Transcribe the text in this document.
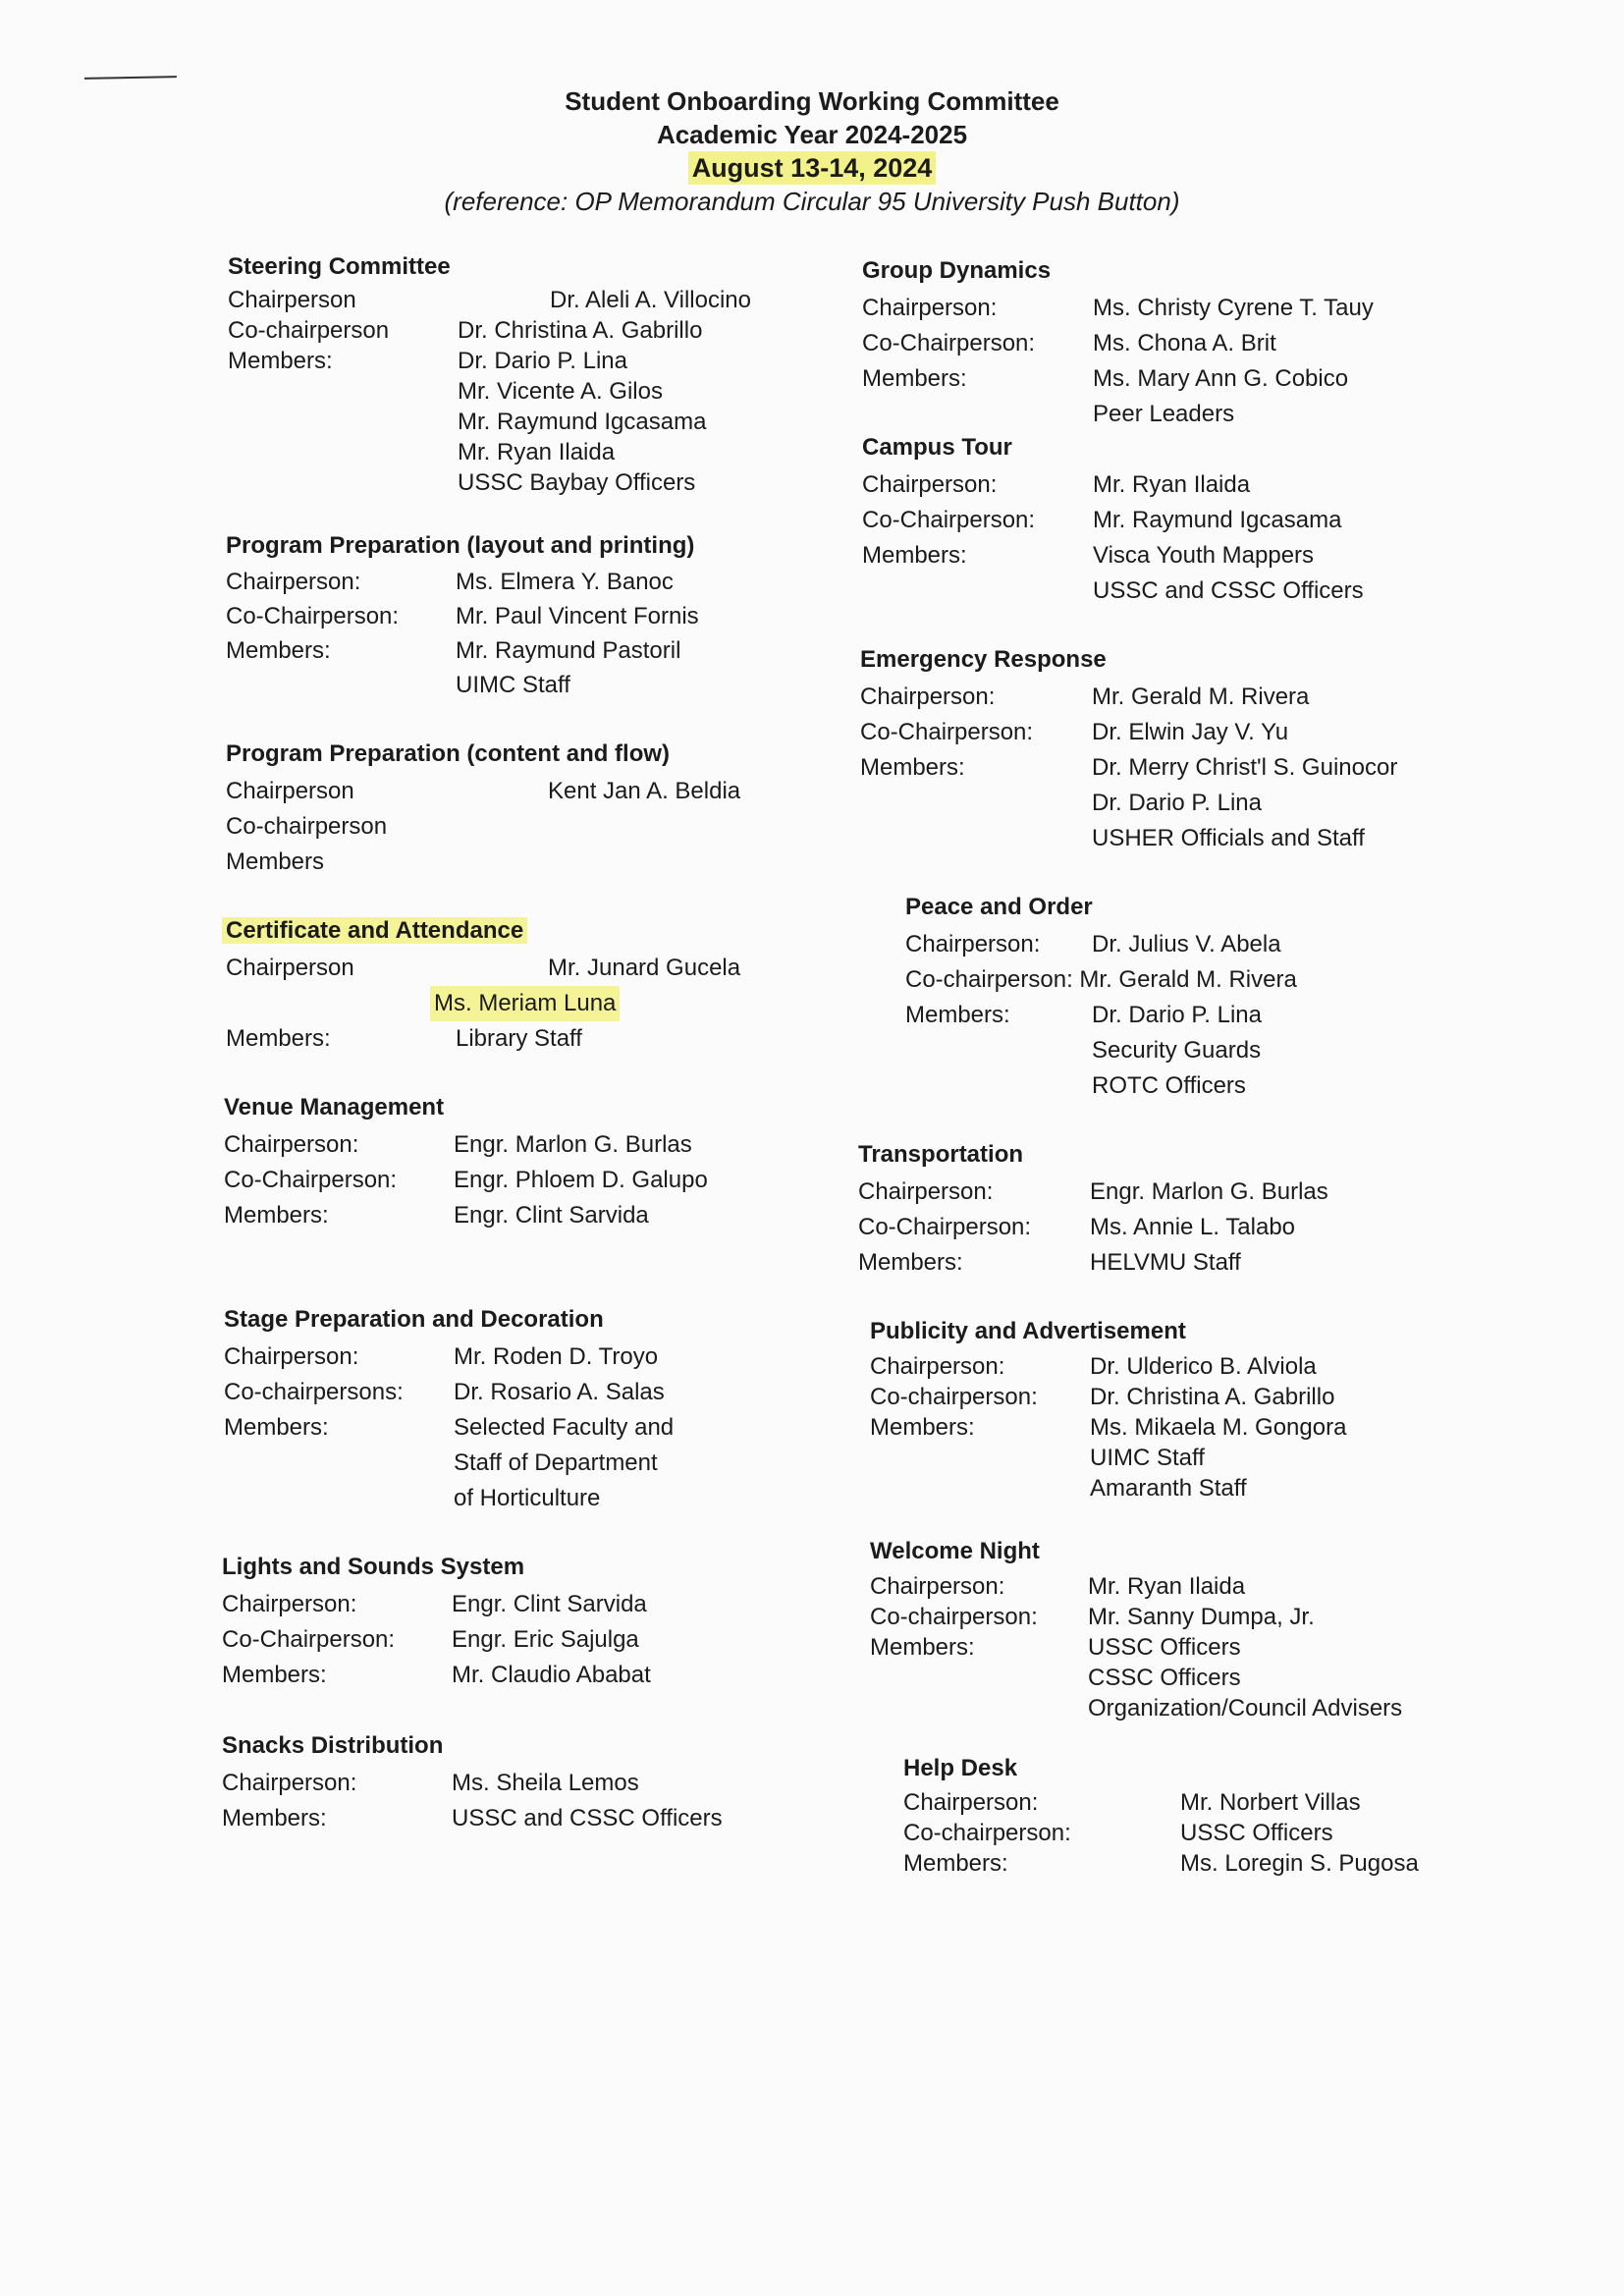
Student Onboarding Working Committee
Academic Year 2024-2025
August 13-14, 2024
(reference: OP Memorandum Circular 95 University Push Button)
Steering Committee
Chairperson	Dr. Aleli A. Villocino
Co-chairperson	Dr. Christina A. Gabrillo
Members:	Dr. Dario P. Lina
Mr. Vicente A. Gilos
Mr. Raymund Igcasama
Mr. Ryan Ilaida
USSC Baybay Officers
Program Preparation (layout and printing)
Chairperson:	Ms. Elmera Y. Banoc
Co-Chairperson:	Mr. Paul Vincent Fornis
Members:	Mr. Raymund Pastoril
UIMC Staff
Program Preparation (content and flow)
Chairperson	Kent Jan A. Beldia
Co-chairperson
Members
Certificate and Attendance
Chairperson	Mr. Junard Gucela
Ms. Meriam Luna
Members:	Library Staff
Venue Management
Chairperson:	Engr. Marlon G. Burlas
Co-Chairperson:	Engr. Phloem D. Galupo
Members:	Engr. Clint Sarvida
Stage Preparation and Decoration
Chairperson:	Mr. Roden D. Troyo
Co-chairpersons:	Dr. Rosario A. Salas
Members:	Selected Faculty and
Staff of Department
of Horticulture
Lights and Sounds System
Chairperson:	Engr. Clint Sarvida
Co-Chairperson:	Engr. Eric Sajulga
Members:	Mr. Claudio Ababat
Snacks Distribution
Chairperson:	Ms. Sheila Lemos
Members:	USSC and CSSC Officers
Group Dynamics
Chairperson:	Ms. Christy Cyrene T. Tauy
Co-Chairperson:	Ms. Chona A. Brit
Members:	Ms. Mary Ann G. Cobico
Peer Leaders
Campus Tour
Chairperson:	Mr. Ryan Ilaida
Co-Chairperson:	Mr. Raymund Igcasama
Members:	Visca Youth Mappers
USSC and CSSC Officers
Emergency Response
Chairperson:	Mr. Gerald M. Rivera
Co-Chairperson:	Dr. Elwin Jay V. Yu
Members:	Dr. Merry Christ'l S. Guinocor
Dr. Dario P. Lina
USHER Officials and Staff
Peace and Order
Chairperson:	Dr. Julius V. Abela
Co-chairperson: Mr. Gerald M. Rivera
Members:	Dr. Dario P. Lina
Security Guards
ROTC Officers
Transportation
Chairperson:	Engr. Marlon G. Burlas
Co-Chairperson:	Ms. Annie L. Talabo
Members:	HELVMU Staff
Publicity and Advertisement
Chairperson:	Dr. Ulderico B. Alviola
Co-chairperson:	Dr. Christina A. Gabrillo
Members:	Ms. Mikaela M. Gongora
UIMC Staff
Amaranth Staff
Welcome Night
Chairperson:	Mr. Ryan Ilaida
Co-chairperson:	Mr. Sanny Dumpa, Jr.
Members:	USSC Officers
CSSC Officers
Organization/Council Advisers
Help Desk
Chairperson:	Mr. Norbert Villas
Co-chairperson:	USSC Officers
Members:	Ms. Loregin S. Pugosa
